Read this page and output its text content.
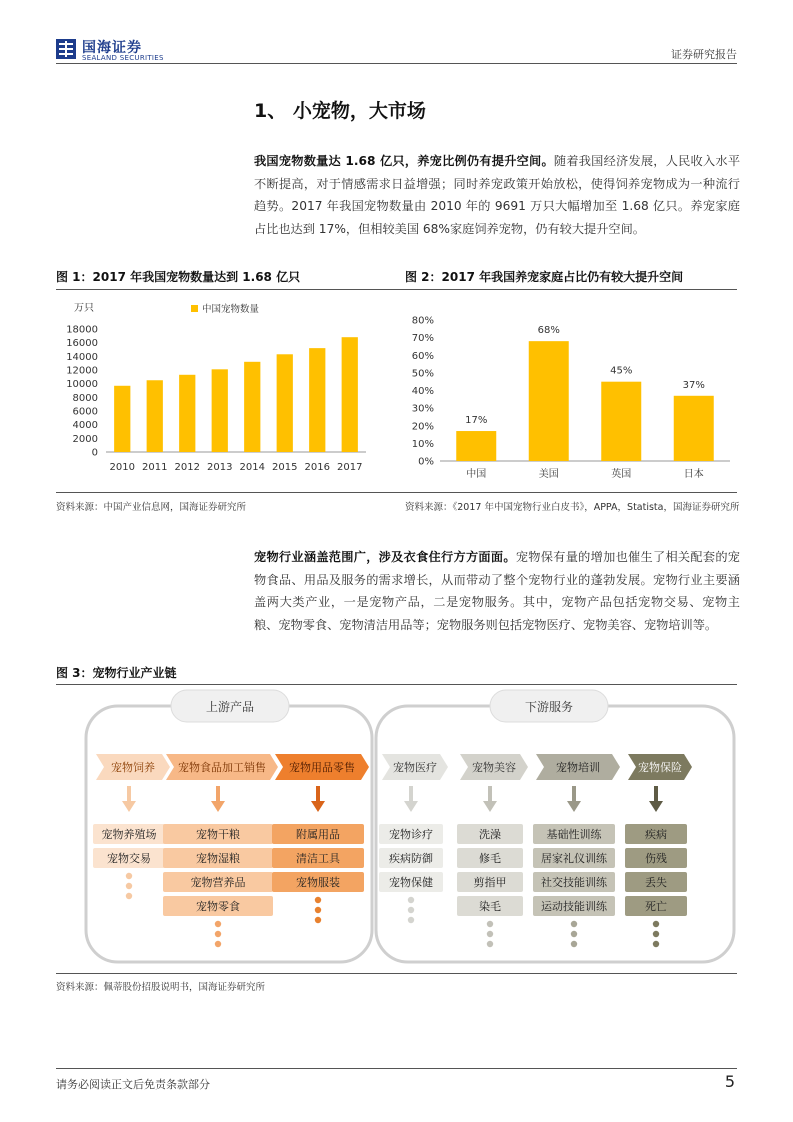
国海证券
SEALAND SECURITIES	证券研究报告
1、 小宠物，大市场
我国宠物数量达 1.68 亿只，养宠比例仍有提升空间。随着我国经济发展，人民收入水平不断提高，对于情感需求日益增强；同时养宠政策开始放松，使得饲养宠物成为一种流行趋势。2017 年我国宠物数量由 2010 年的 9691 万只大幅增加至 1.68 亿只。养宠家庭占比也达到 17%，但相较美国 68%家庭饲养宠物，仍有较大提升空间。
图 1：2017 年我国宠物数量达到 1.68 亿只	图 2：2017 年我国养宠家庭占比仍有较大提升空间
万只	中国宠物数量
0
2000
4000
6000
8000
10000
12000
14000
16000
18000
2010 2011 2012 2013 2014 2015 2016 2017	0%
10%
20%
30%
40%
50%
60%
70%
80%
17%
中国
68%
美国
45%
英国
37%
日本
资料来源：中国产业信息网，国海证券研究所	资料来源：《2017 年中国宠物行业白皮书》，APPA，Statista，国海证券研究所
宠物行业涵盖范围广，涉及衣食住行方方面面。宠物保有量的增加也催生了相关配套的宠物食品、用品及服务的需求增长，从而带动了整个宠物行业的蓬勃发展。宠物行业主要涵盖两大类产业，一是宠物产品，二是宠物服务。其中，宠物产品包括宠物交易、宠物主粮、宠物零食、宠物清洁用品等；宠物服务则包括宠物医疗、宠物美容、宠物培训等。
图 3：宠物行业产业链
上游产品	下游服务
宠物饲养
宠物养殖场
宠物交易
宠物食品加工销售
宠物干粮
宠物湿粮
宠物营养品
宠物零食
宠物用品零售
附属用品
清洁工具
宠物服装
宠物医疗
宠物诊疗
疾病防御
宠物保健
宠物美容
洗澡
修毛
剪指甲
染毛
宠物培训
基础性训练
居家礼仪训练
社交技能训练
运动技能训练
宠物保险
疾病
伤残
丢失
死亡
资料来源：佩蒂股份招股说明书，国海证券研究所
请务必阅读正文后免责条款部分	5
